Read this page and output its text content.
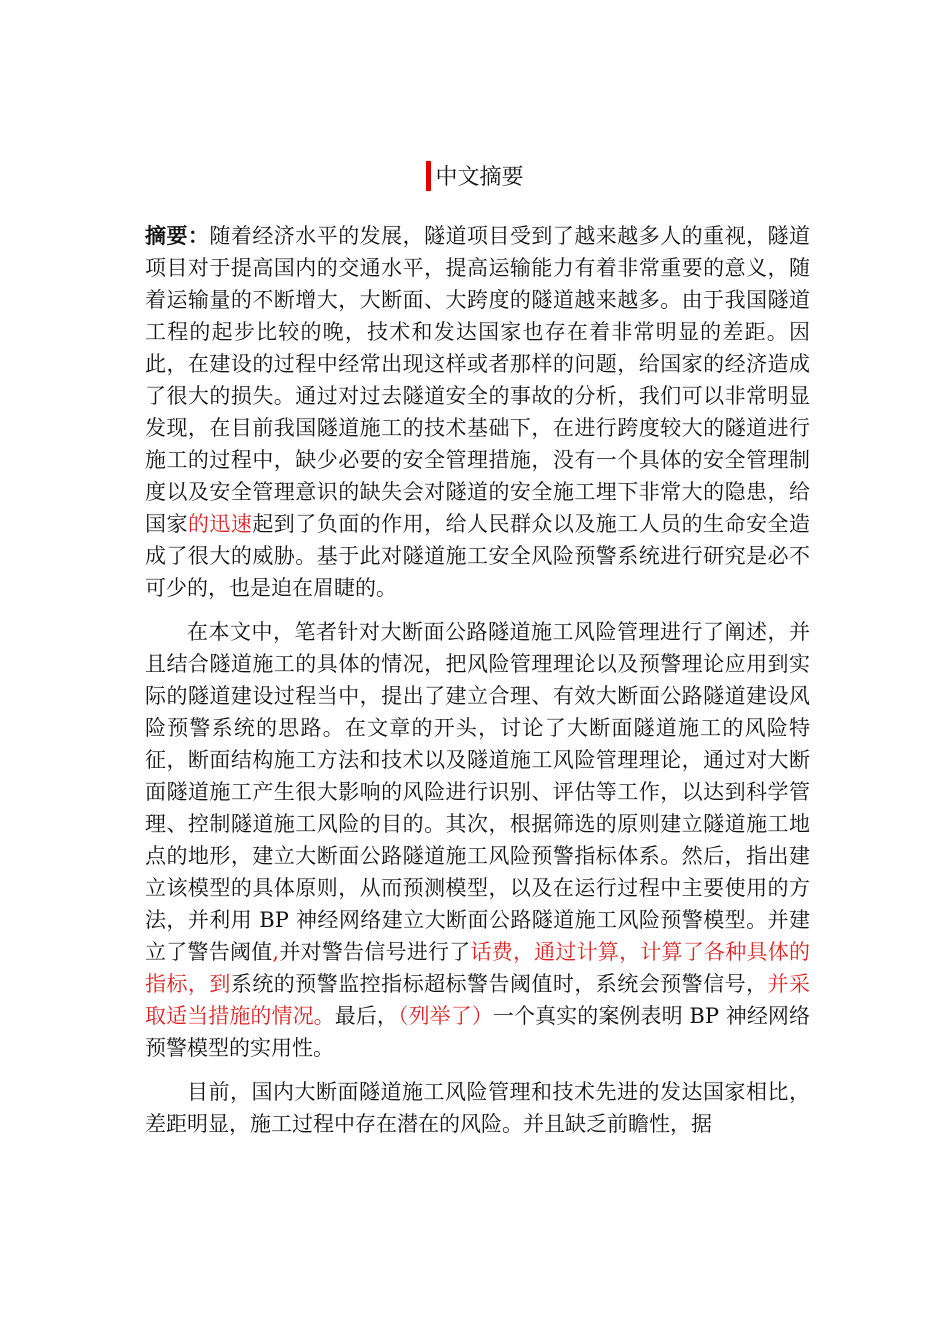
中文摘要

摘要：随着经济水平的发展，隧道项目受到了越来越多人的重视，隧道项目对于提高国内的交通水平，提高运输能力有着非常重要的意义，随着运输量的不断增大，大断面、大跨度的隧道越来越多。由于我国隧道工程的起步比较的晚，技术和发达国家也存在着非常明显的差距。因此，在建设的过程中经常出现这样或者那样的问题，给国家的经济造成了很大的损失。通过对过去隧道安全的事故的分析，我们可以非常明显发现，在目前我国隧道施工的技术基础下，在进行跨度较大的隧道进行施工的过程中，缺少必要的安全管理措施，没有一个具体的安全管理制度以及安全管理意识的缺失会对隧道的安全施工埋下非常大的隐患，给国家的迅速起到了负面的作用，给人民群众以及施工人员的生命安全造成了很大的威胁。基于此对隧道施工安全风险预警系统进行研究是必不可少的，也是迫在眉睫的。

在本文中，笔者针对大断面公路隧道施工风险管理进行了阐述，并且结合隧道施工的具体的情况，把风险管理理论以及预警理论应用到实际的隧道建设过程当中，提出了建立合理、有效大断面公路隧道建设风险预警系统的思路。在文章的开头，讨论了大断面隧道施工的风险特征，断面结构施工方法和技术以及隧道施工风险管理理论，通过对大断面隧道施工产生很大影响的风险进行识别、评估等工作，以达到科学管理、控制隧道施工风险的目的。其次，根据筛选的原则建立隧道施工地点的地形，建立大断面公路隧道施工风险预警指标体系。然后，指出建立该模型的具体原则，从而预测模型，以及在运行过程中主要使用的方法，并利用 BP 神经网络建立大断面公路隧道施工风险预警模型。并建立了警告阈值,并对警告信号进行了话费，通过计算，计算了各种具体的指标，到系统的预警监控指标超标警告阈值时，系统会预警信号，并采取适当措施的情况。最后，（列举了）一个真实的案例表明 BP 神经网络预警模型的实用性。

目前，国内大断面隧道施工风险管理和技术先进的发达国家相比，差距明显，施工过程中存在潜在的风险。并且缺乏前瞻性，据
